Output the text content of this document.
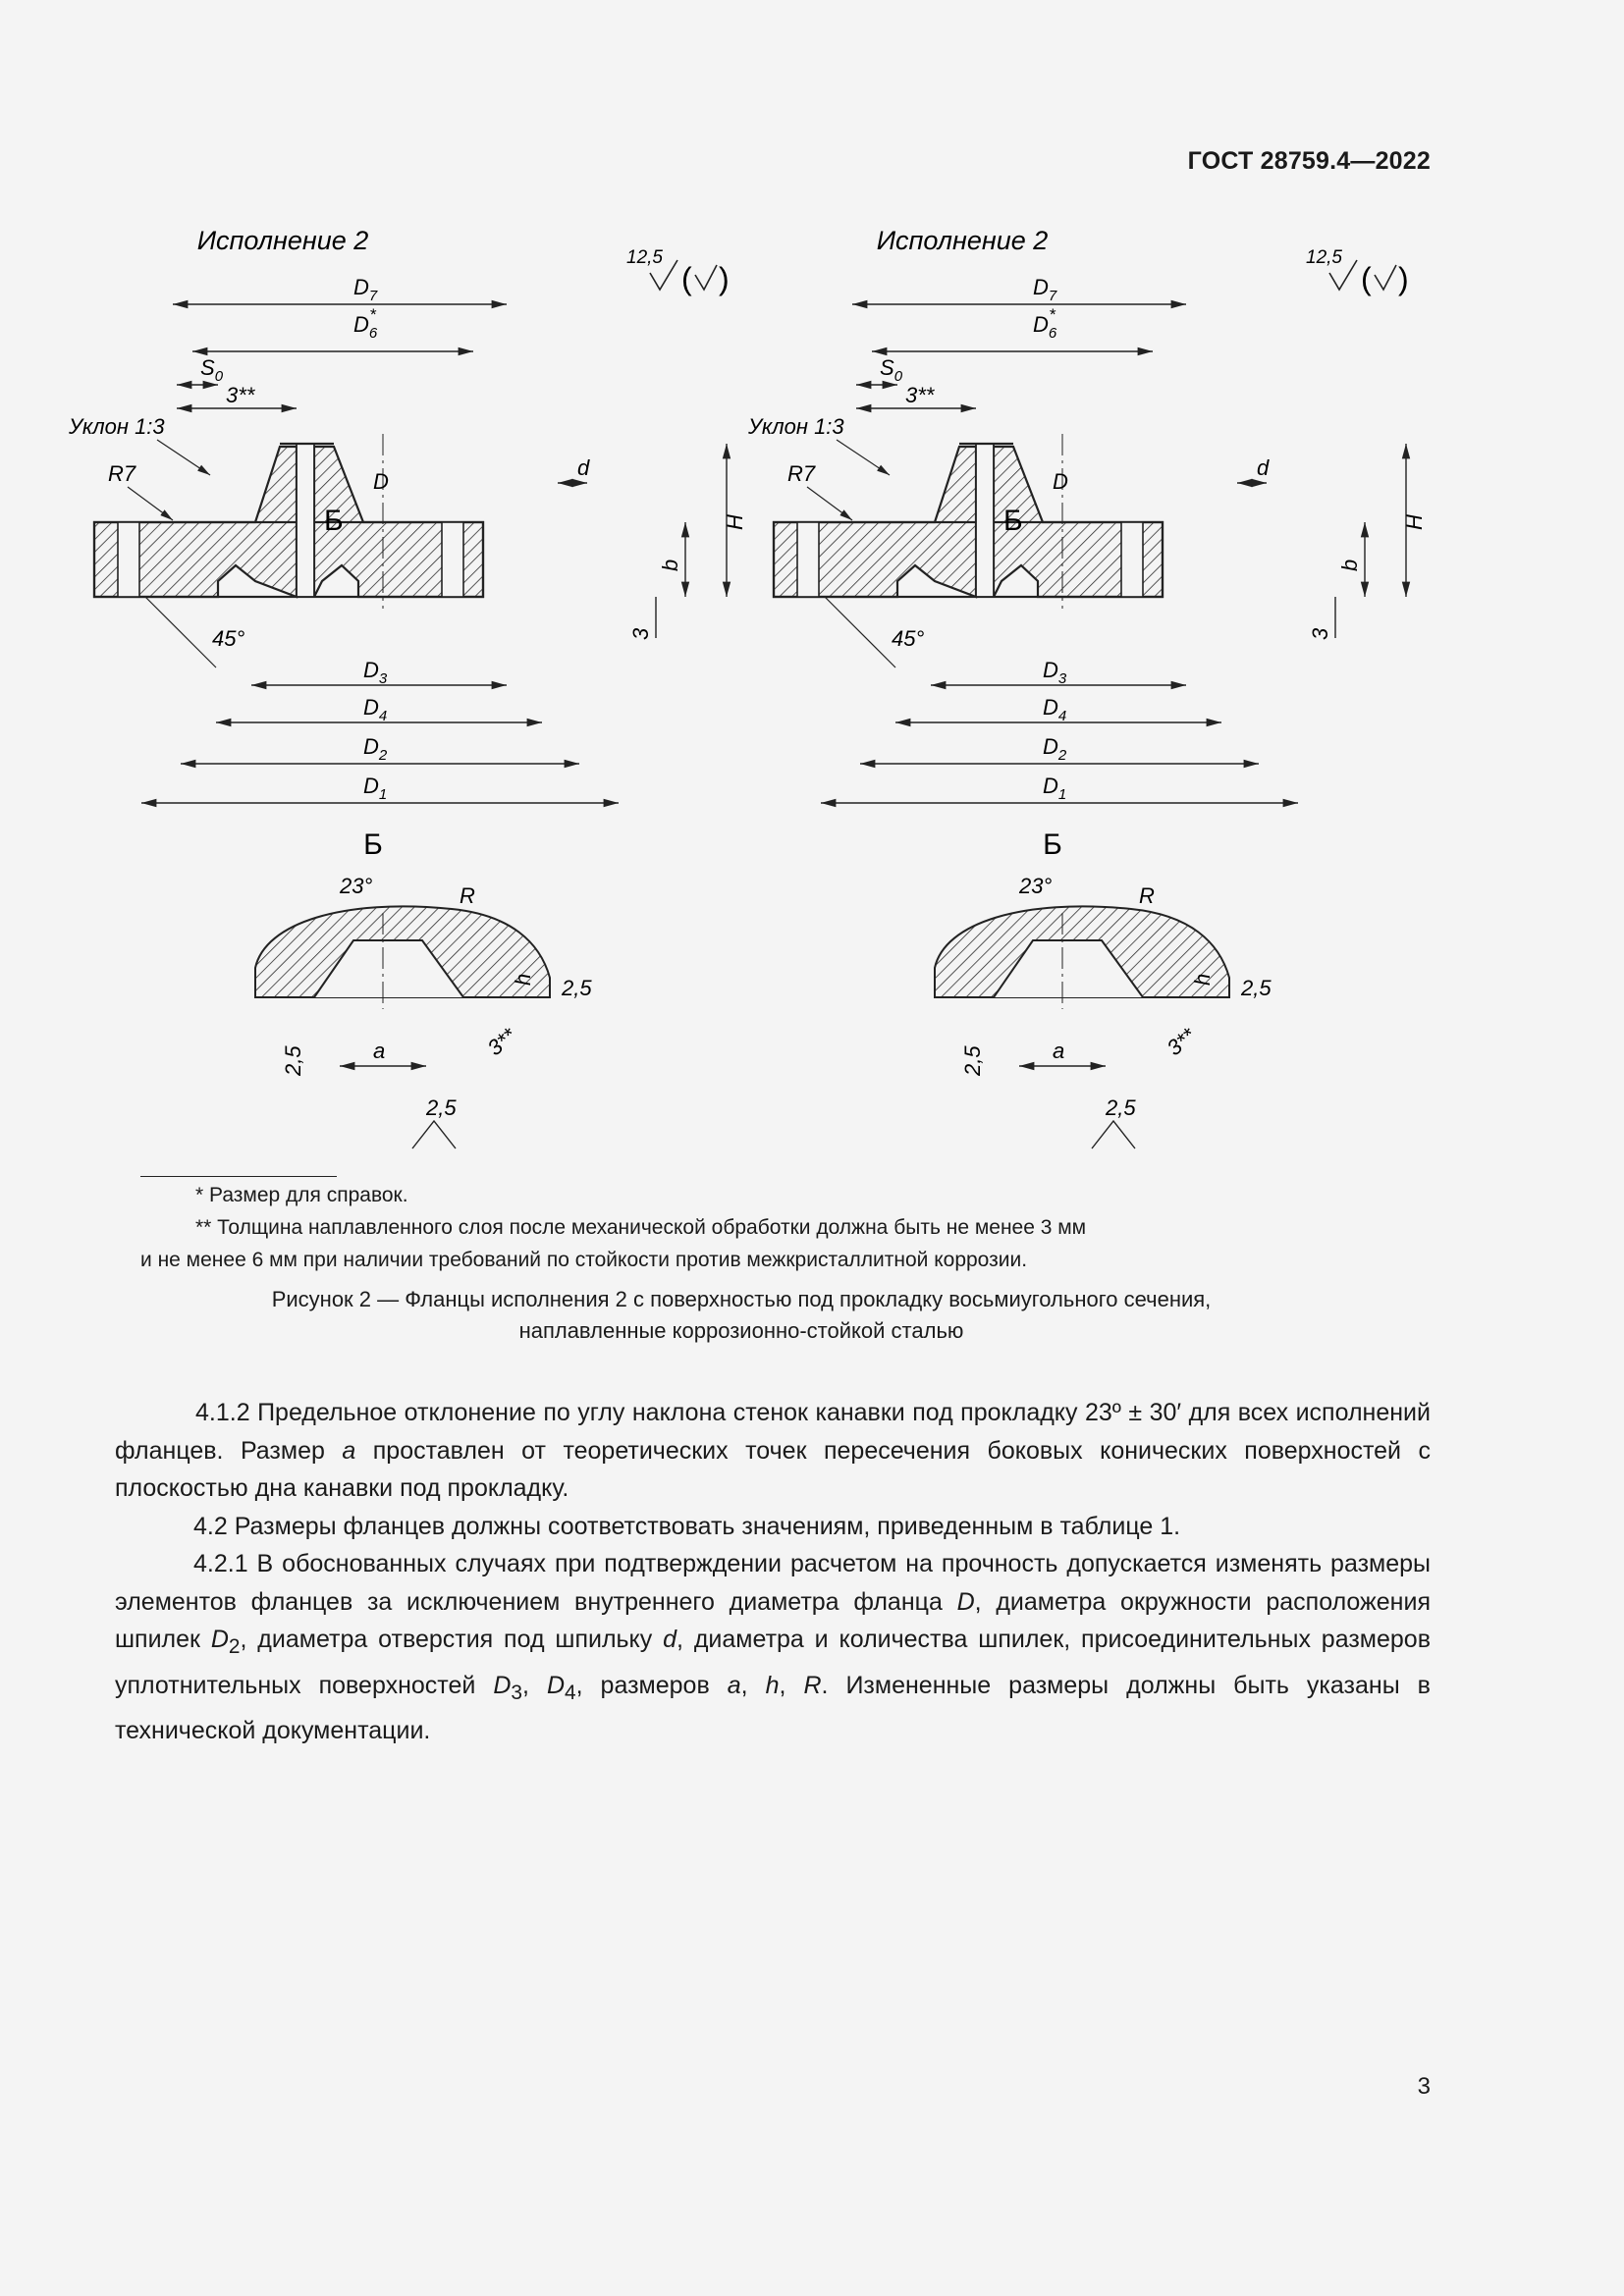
ГОСТ 28759.4—2022
Исполнение 2
12,5
( )
$D_7$
$D_6*$
$S_0$
3**
Уклон 1:3
R7	D
Б
d
H
b
3
45°
$D_3$
$D_4$
$D_2$
$D_1$
Б
23°	R
h 2,5
a
2,5
3**
2,5
Исполнение 2
12,5
( )
$D_7$
$D_6*$
$S_0$
3**
Уклон 1:3
R7	D
Б
d
H
b
3
45°
$D_3$
$D_4$
$D_2$
$D_1$
Б
23°	R
h 2,5
a
2,5
3**
2,5
* Размер для справок.
** Толщина наплавленного слоя после механической обработки должна быть не менее 3 мм
и не менее 6 мм при наличии требований по стойкости против межкристаллитной коррозии.
Рисунок 2 — Фланцы исполнения 2 с поверхностью под прокладку восьмиугольного сечения,
наплавленные коррозионно-стойкой сталью

4.1.2 Предельное отклонение по углу наклона стенок канавки под прокладку 23º ± 30′ для всех исполнений фланцев. Размер a проставлен от теоретических точек пересечения боковых конических поверхностей с плоскостью дна канавки под прокладку.

4.2 Размеры фланцев должны соответствовать значениям, приведенным в таблице 1.

4.2.1 В обоснованных случаях при подтверждении расчетом на прочность допускается изменять размеры элементов фланцев за исключением внутреннего диаметра фланца D, диаметра окружности расположения шпилек $D_2$, диаметра отверстия под шпильку d, диаметра и количества шпилек, присоединительных размеров уплотнительных поверхностей $D_3$, $D_4$, размеров a, h, R. Измененные размеры должны быть указаны в технической документации.

3
